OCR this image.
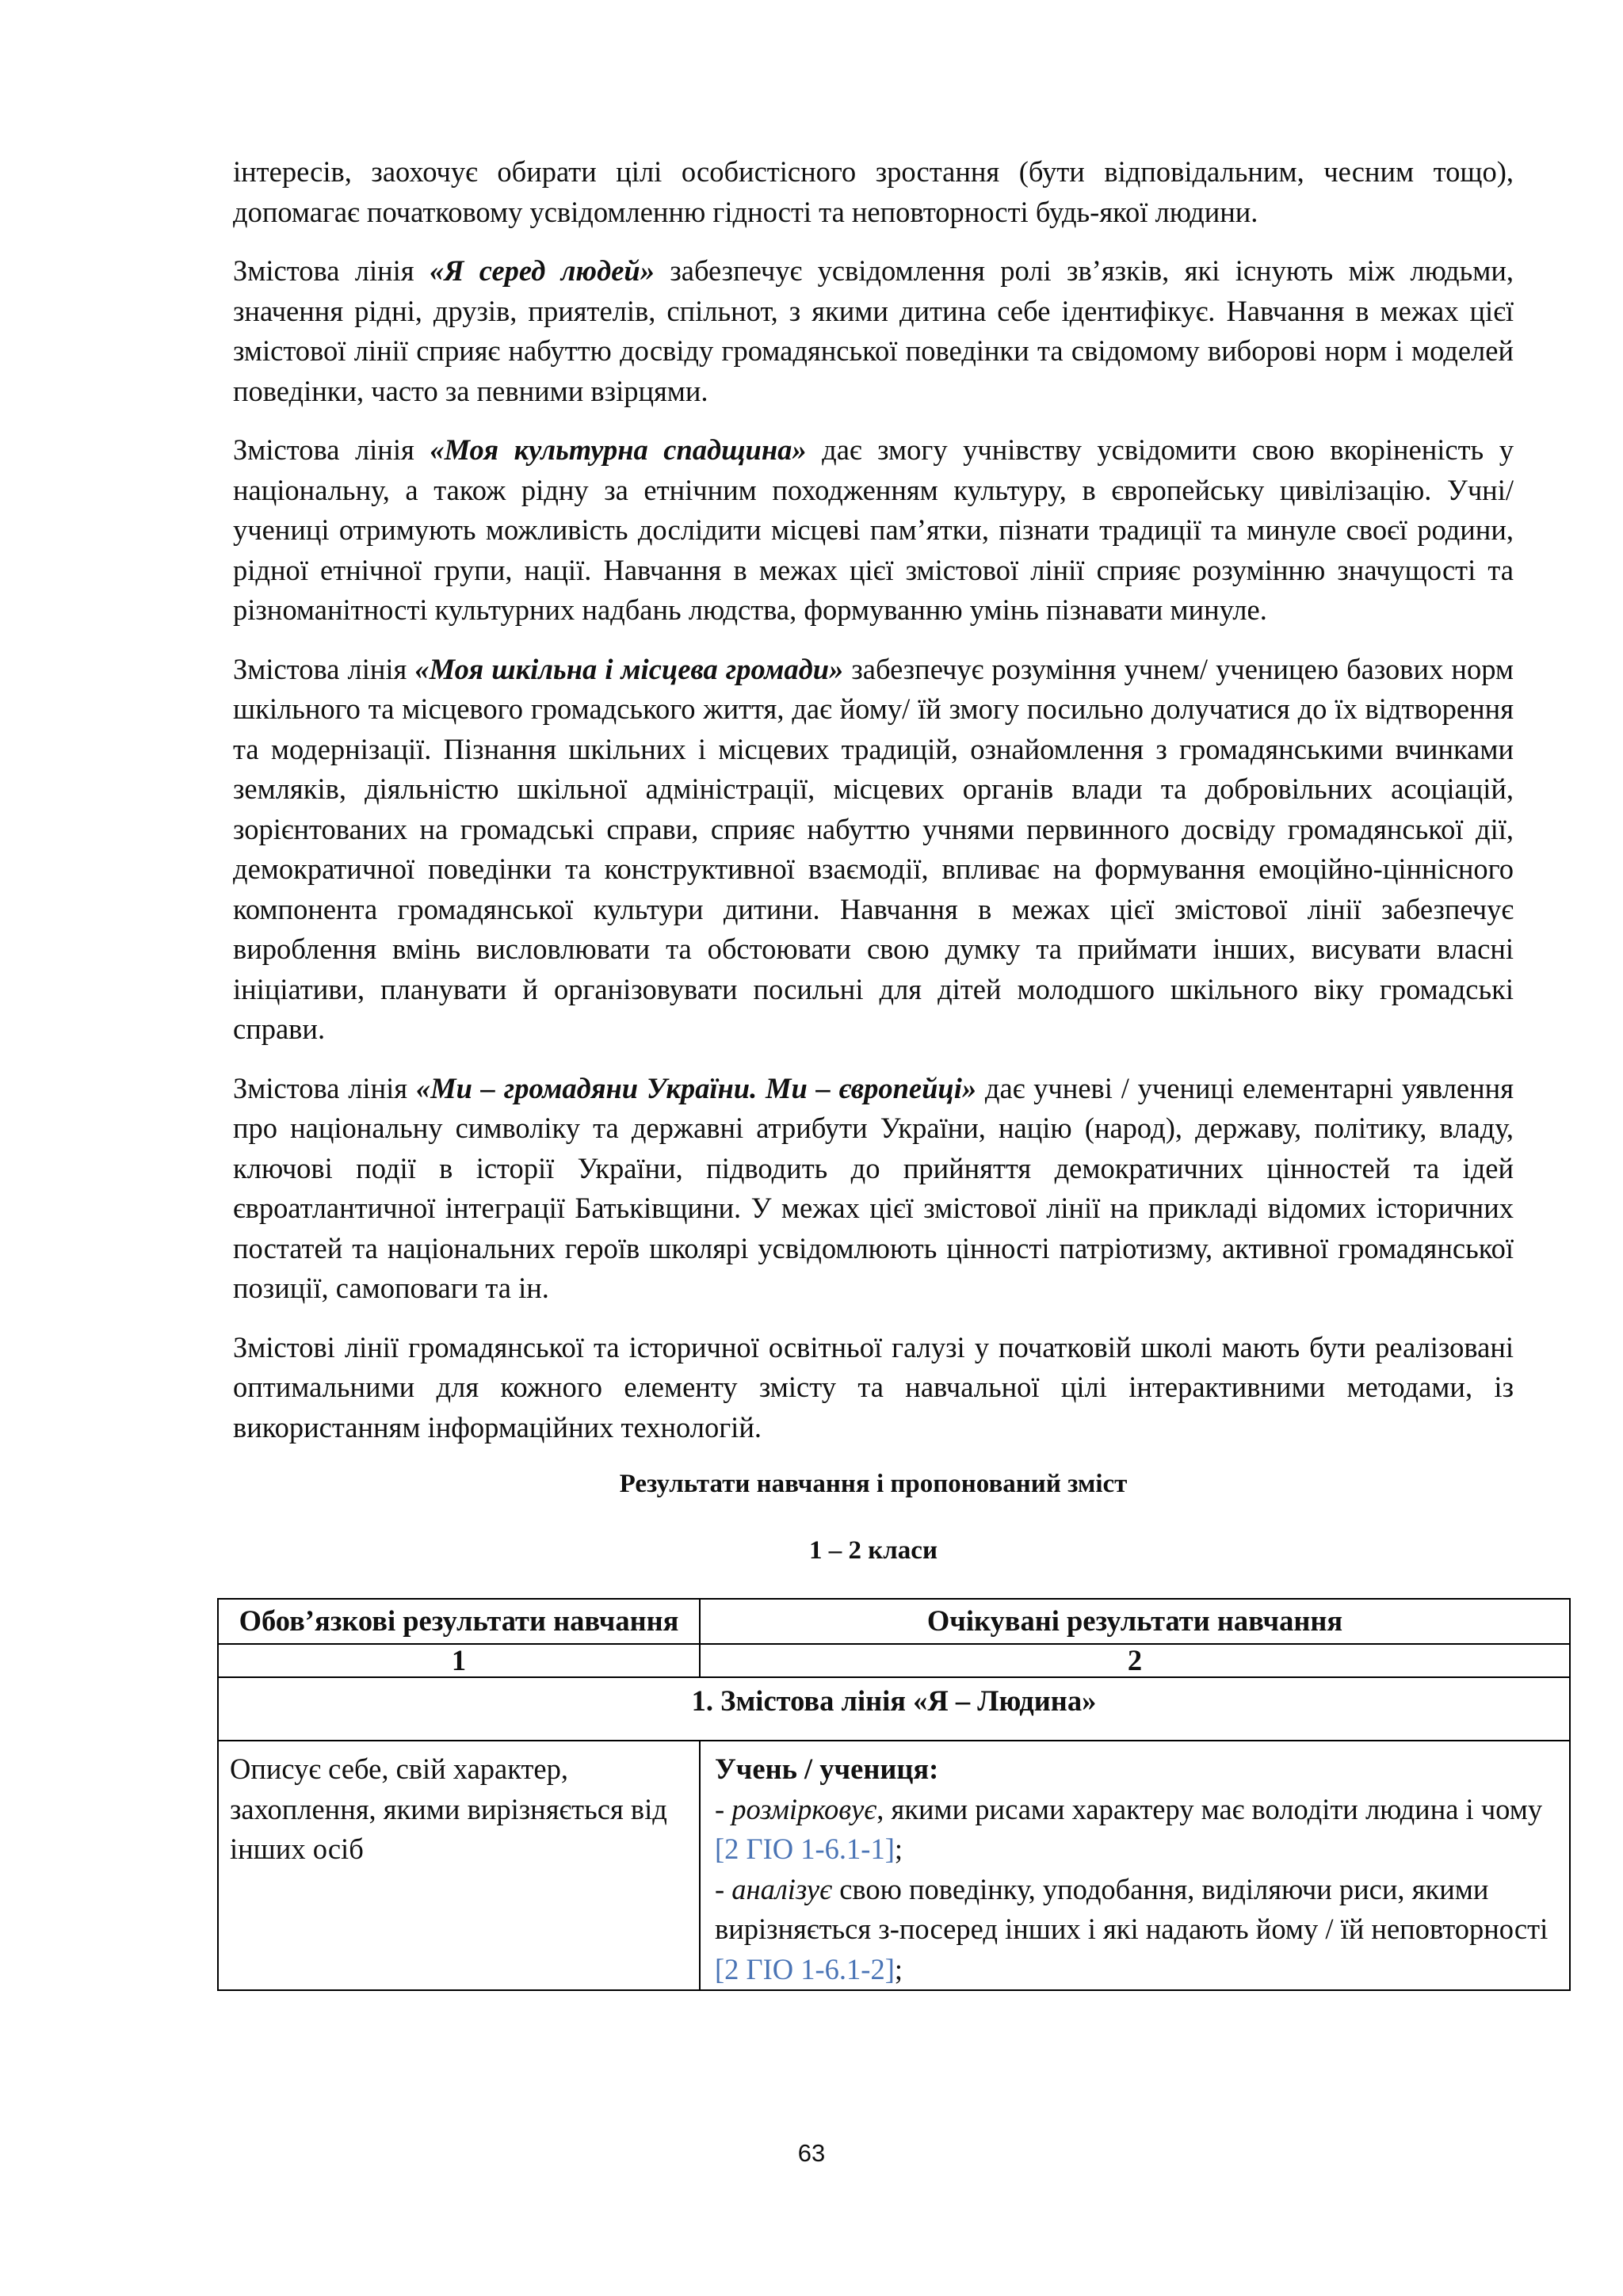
інтересів, заохочує обирати цілі особистісного зростання (бути відповідальним, чесним тощо), допомагає початковому усвідомленню гідності та неповторності будь-якої людини.

Змістова лінія «Я серед людей» забезпечує усвідомлення ролі зв’язків, які існують між людьми, значення рідні, друзів, приятелів, спільнот, з якими дитина себе ідентифікує. Навчання в межах цієї змістової лінії сприяє набуттю досвіду громадянської поведінки та свідомому виборові норм і моделей поведінки, часто за певними взірцями.

Змістова лінія «Моя культурна спадщина» дає змогу учнівству усвідомити свою вкоріненість у національну, а також рідну за етнічним походженням культуру, в європейську цивілізацію. Учні/ учениці отримують можливість дослідити місцеві пам’ятки, пізнати традиції та минуле своєї родини, рідної етнічної групи, нації. Навчання в межах цієї змістової лінії сприяє розумінню значущості та різноманітності культурних надбань людства, формуванню умінь пізнавати минуле.

Змістова лінія «Моя шкільна і місцева громади» забезпечує розуміння учнем/ ученицею базових норм шкільного та місцевого громадського життя, дає йому/ їй змогу посильно долучатися до їх відтворення та модернізації. Пізнання шкільних і місцевих традицій, ознайомлення з громадянськими вчинками земляків, діяльністю шкільної адміністрації, місцевих органів влади та добровільних асоціацій, зорієнтованих на громадські справи, сприяє набуттю учнями первинного досвіду громадянської дії, демократичної поведінки та конструктивної взаємодії, впливає на формування емоційно-ціннісного компонента громадянської культури дитини. Навчання в межах цієї змістової лінії забезпечує вироблення вмінь висловлювати та обстоювати свою думку та приймати інших, висувати власні ініціативи, планувати й організовувати посильні для дітей молодшого шкільного віку громадські справи.

Змістова лінія «Ми – громадяни України. Ми – європейці» дає учневі / учениці елементарні уявлення про національну символіку та державні атрибути України, націю (народ), державу, політику, владу, ключові події в історії України, підводить до прийняття демократичних цінностей та ідей євроатлантичної інтеграції Батьківщини. У межах цієї змістової лінії на прикладі відомих історичних постатей та національних героїв школярі усвідомлюють цінності патріотизму, активної громадянської позиції, самоповаги та ін.

Змістові лінії громадянської та історичної освітньої галузі у початковій школі мають бути реалізовані оптимальними для кожного елементу змісту та навчальної цілі інтерактивними методами, із використанням інформаційних технологій.

Результати навчання і пропонований зміст
1 – 2 класи
Обов’язкові результати навчання	Очікувані результати навчання
1	2
1. Змістова лінія «Я – Людина»	
Описує себе, свій характер, захоплення, якими вирізняється від інших осіб	Учень / учениця:
- розмірковує, якими рисами характеру має володіти людина і чому [2 ГІО 1-6.1-1];
- аналізує свою поведінку, уподобання, виділяючи риси, якими вирізняється з-посеред інших і які надають йому / їй неповторності [2 ГІО 1-6.1-2];
63
